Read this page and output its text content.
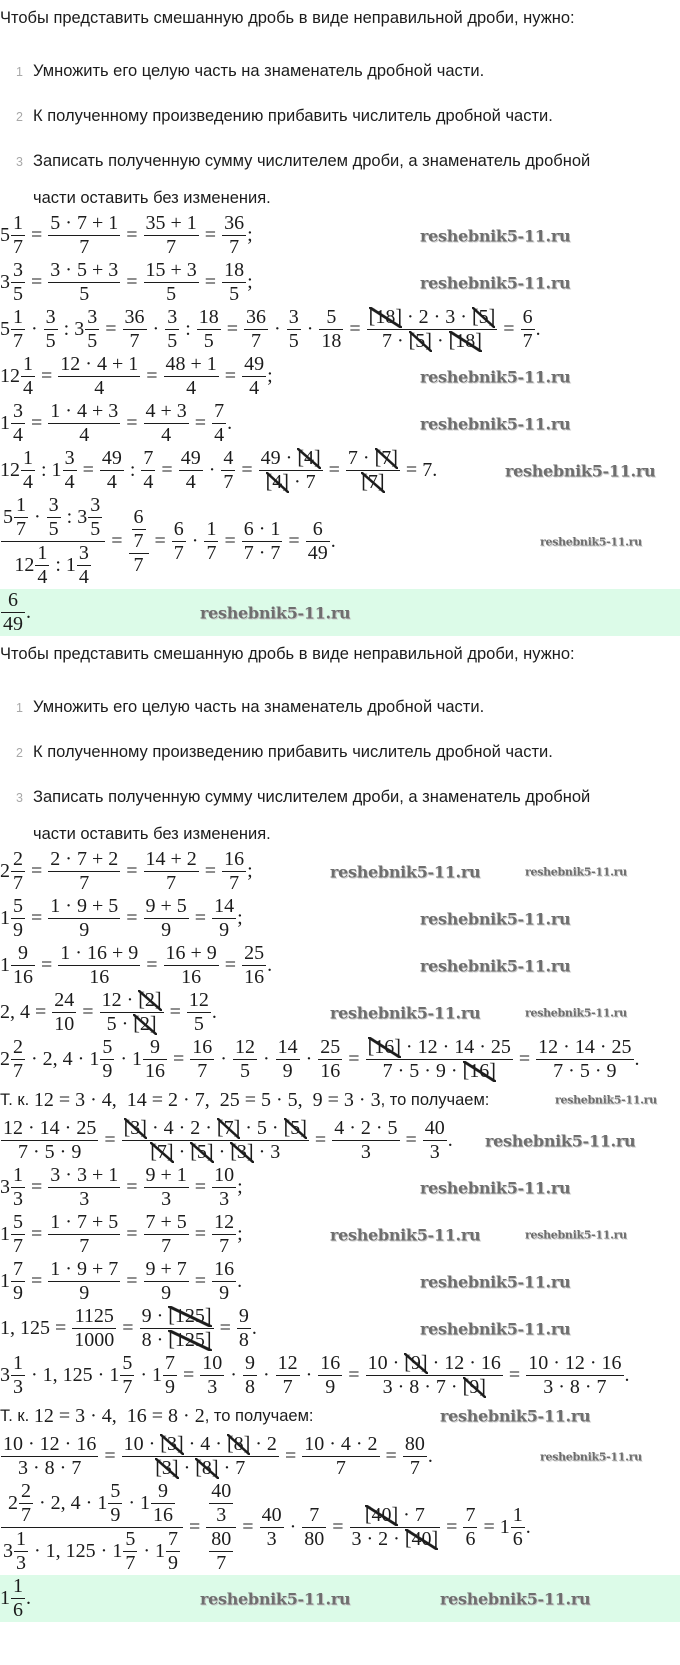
Чтобы представить смешанную дробь в виде неправильной дроби, нужно:
1 Умножить его целую часть на знаменатель дробной части.
2 К полученному произведению прибавить числитель дробной части.
3 Записать полученную сумму числителем дроби, а знаменатель дробной
части оставить без изменения.
reshebnik5-11.ru
$5 \frac{1}{7} = \frac{5 \cdot 7 + 1}{7} = \frac{35 + 1}{7} = \frac{36}{7}$ ;
reshebnik5-11.ru
$3 \frac{3}{5} = \frac{3 \cdot 5 + 3}{5} = \frac{15 + 3}{5} = \frac{18}{5}$ ;
$5 \frac{1}{7} \cdot \frac{3}{5}$ : $3 \frac{3}{5} = \frac{36}{7} \cdot \frac{3}{5}$ : $\frac{18}{5} = \frac{36}{7} \cdot \frac{3}{5} \cdot \frac{5}{18} = \frac{[18] \cdot 2 \cdot 3 \cdot [5]}{7 \cdot [5] \cdot [18]} = \frac{6}{7}$ .
reshebnik5-11.ru
$12 \frac{1}{4} = \frac{12 \cdot 4 + 1}{4} = \frac{48 + 1}{4} = \frac{49}{4}$ ;
reshebnik5-11.ru
$1 \frac{3}{4} = \frac{1 \cdot 4 + 3}{4} = \frac{4 + 3}{4} = \frac{7}{4}$ .
reshebnik5-11.ru
$12 \frac{1}{4}$ : $1 \frac{3}{4} = \frac{49}{4}$ : $\frac{7}{4} = \frac{49}{4} \cdot \frac{4}{7} = \frac{49 \cdot [4]}{[4] \cdot 7} = \frac{7 \cdot [7]}{[7]} = 7$.
reshebnik5-11.ru
$\frac{5 \frac{1}{7} \cdot \frac{3}{5} : 3 \frac{3}{5}}{12 \frac{1}{4} : 1 \frac{3}{4}} = \frac{\frac{6}{7}}{7} = \frac{6}{7} \cdot \frac{1}{7} = \frac{6 \cdot 1}{7 \cdot 7} = \frac{6}{49}$ .
reshebnik5-11.ru
$\frac{6}{49}$ .
Чтобы представить смешанную дробь в виде неправильной дроби, нужно:
1 Умножить его целую часть на знаменатель дробной части.
2 К полученному произведению прибавить числитель дробной части.
3 Записать полученную сумму числителем дроби, а знаменатель дробной
части оставить без изменения.
reshebnik5-11.ru	reshebnik5-11.ru
$2 \frac{2}{7} = \frac{2 \cdot 7 + 2}{7} = \frac{14 + 2}{7} = \frac{16}{7}$ ;
reshebnik5-11.ru
$1 \frac{5}{9} = \frac{1 \cdot 9 + 5}{9} = \frac{9 + 5}{9} = \frac{14}{9}$ ;
reshebnik5-11.ru
$1 \frac{9}{16} = \frac{1 \cdot 16 + 9}{16} = \frac{16 + 9}{16} = \frac{25}{16}$ .
reshebnik5-11.ru	reshebnik5-11.ru
2, $4 = \frac{24}{10} = \frac{12 \cdot [2]}{5 \cdot [2]} = \frac{12}{5}$ .
$2 \frac{2}{7} \cdot 2$, $4 \cdot 1 \frac{5}{9} \cdot 1 \frac{9}{16} = \frac{16}{7} \cdot \frac{12}{5} \cdot \frac{14}{9} \cdot \frac{25}{16} = \frac{[16] \cdot 12 \cdot 14 \cdot 25}{7 \cdot 5 \cdot 9 \cdot [16]} = \frac{12 \cdot 14 \cdot 25}{7 \cdot 5 \cdot 9}$ .
reshebnik5-11.ru
Т. к. 12 = 3 · 4,  14 = 2 · 7,  25 = 5 · 5,  9 = 3 · 3 , то получаем:
reshebnik5-11.ru
$\frac{12 \cdot 14 \cdot 25}{7 \cdot 5 \cdot 9} = \frac{[3] \cdot 4 \cdot 2 \cdot [7] \cdot 5 \cdot [5]}{[7] \cdot [5] \cdot [3] \cdot 3} = \frac{4 \cdot 2 \cdot 5}{3} = \frac{40}{3}$ .
reshebnik5-11.ru
$3 \frac{1}{3} = \frac{3 \cdot 3 + 1}{3} = \frac{9 + 1}{3} = \frac{10}{3}$ ;
reshebnik5-11.ru	reshebnik5-11.ru
$1 \frac{5}{7} = \frac{1 \cdot 7 + 5}{7} = \frac{7 + 5}{7} = \frac{12}{7}$ ;
reshebnik5-11.ru
$1 \frac{7}{9} = \frac{1 \cdot 9 + 7}{9} = \frac{9 + 7}{9} = \frac{16}{9}$ .
reshebnik5-11.ru
1, $125 = \frac{1125}{1000} = \frac{9 \cdot [125]}{8 \cdot [125]} = \frac{9}{8}$ .
$3 \frac{1}{3} \cdot 1$, $125 \cdot 1 \frac{5}{7} \cdot 1 \frac{7}{9} = \frac{10}{3} \cdot \frac{9}{8} \cdot \frac{12}{7} \cdot \frac{16}{9} = \frac{10 \cdot [9] \cdot 12 \cdot 16}{3 \cdot 8 \cdot 7 \cdot [9]} = \frac{10 \cdot 12 \cdot 16}{3 \cdot 8 \cdot 7}$ .
reshebnik5-11.ru
Т. к. 12 = 3 · 4,  16 = 8 · 2 , то получаем:
reshebnik5-11.ru
$\frac{10 \cdot 12 \cdot 16}{3 \cdot 8 \cdot 7} = \frac{10 \cdot [3] \cdot 4 \cdot [8] \cdot 2}{[3] \cdot [8] \cdot 7} = \frac{10 \cdot 4 \cdot 2}{7} = \frac{80}{7}$ .
$\frac{2 \frac{2}{7} \cdot 2, 4 \cdot 1 \frac{5}{9} \cdot 1 \frac{9}{16}}{3 \frac{1}{3} \cdot 1, 125 \cdot 1 \frac{5}{7} \cdot 1 \frac{7}{9}} = \frac{\frac{40}{3}}{\frac{80}{7}} = \frac{40}{3} \cdot \frac{7}{80} = \frac{[40] \cdot 7}{3 \cdot 2 \cdot [40]} = \frac{7}{6} = 1 \frac{1}{6}$ .
reshebnik5-11.ru	reshebnik5-11.ru
$1 \frac{1}{6}$ .
